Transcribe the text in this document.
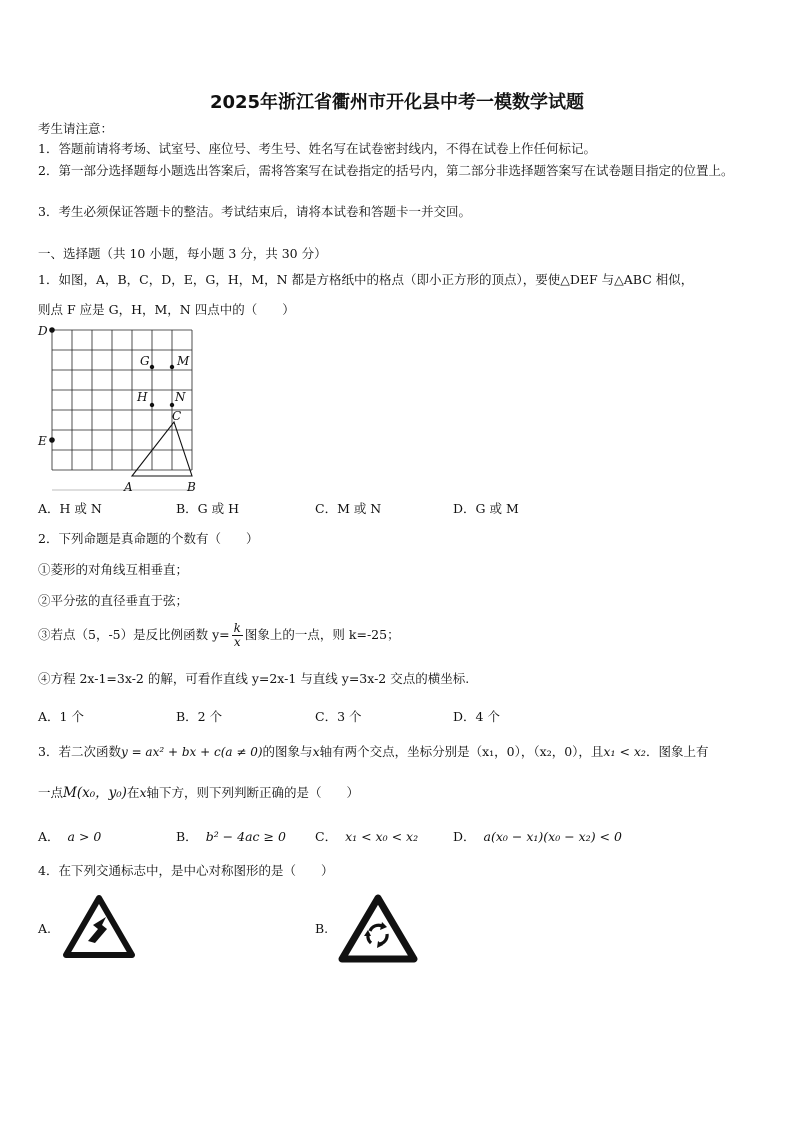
2025年浙江省衢州市开化县中考一模数学试题
考生请注意：
1．答题前请将考场、试室号、座位号、考生号、姓名写在试卷密封线内，不得在试卷上作任何标记。
2．第一部分选择题每小题选出答案后，需将答案写在试卷指定的括号内，第二部分非选择题答案写在试卷题目指定的位置上。
3．考生必须保证答题卡的整洁。考试结束后，请将本试卷和答题卡一并交回。
一、选择题（共 10 小题，每小题 3 分，共 30 分）
1．如图，A，B，C，D，E，G，H，M，N 都是方格纸中的格点（即小正方形的顶点），要使△DEF 与△ABC 相似，
则点 F 应是 G，H，M，N 四点中的（　　）
D
E
G M
H N
C
A	B
A．H 或 N	B．G 或 H	C．M 或 N	D．G 或 M
2．下列命题是真命题的个数有（　　）
①菱形的对角线互相垂直；
②平分弦的直径垂直于弦；
③若点（5，-5）是反比例函数 $y= \frac{k}{x}$ 图象上的一点，则 k=-25；
④方程 2x-1=3x-2 的解，可看作直线 y=2x-1 与直线 y=3x-2 交点的横坐标.
A．1 个	B．2 个	C．3 个	D．4 个
3．若二次函数y = ax² + bx + c(a ≠ 0)的图象与x轴有两个交点，坐标分别是（x₁，0），（x₂，0），且x₁ < x₂．图象上有
一点M(x₀，y₀)在x轴下方，则下列判断正确的是（　　）
A． a > 0	B． b² − 4ac ≥ 0 C． x₁ < x₀ < x₂	D． a(x₀ − x₁)(x₀ − x₂) < 0
4．在下列交通标志中，是中心对称图形的是（　　）
A.	B.
